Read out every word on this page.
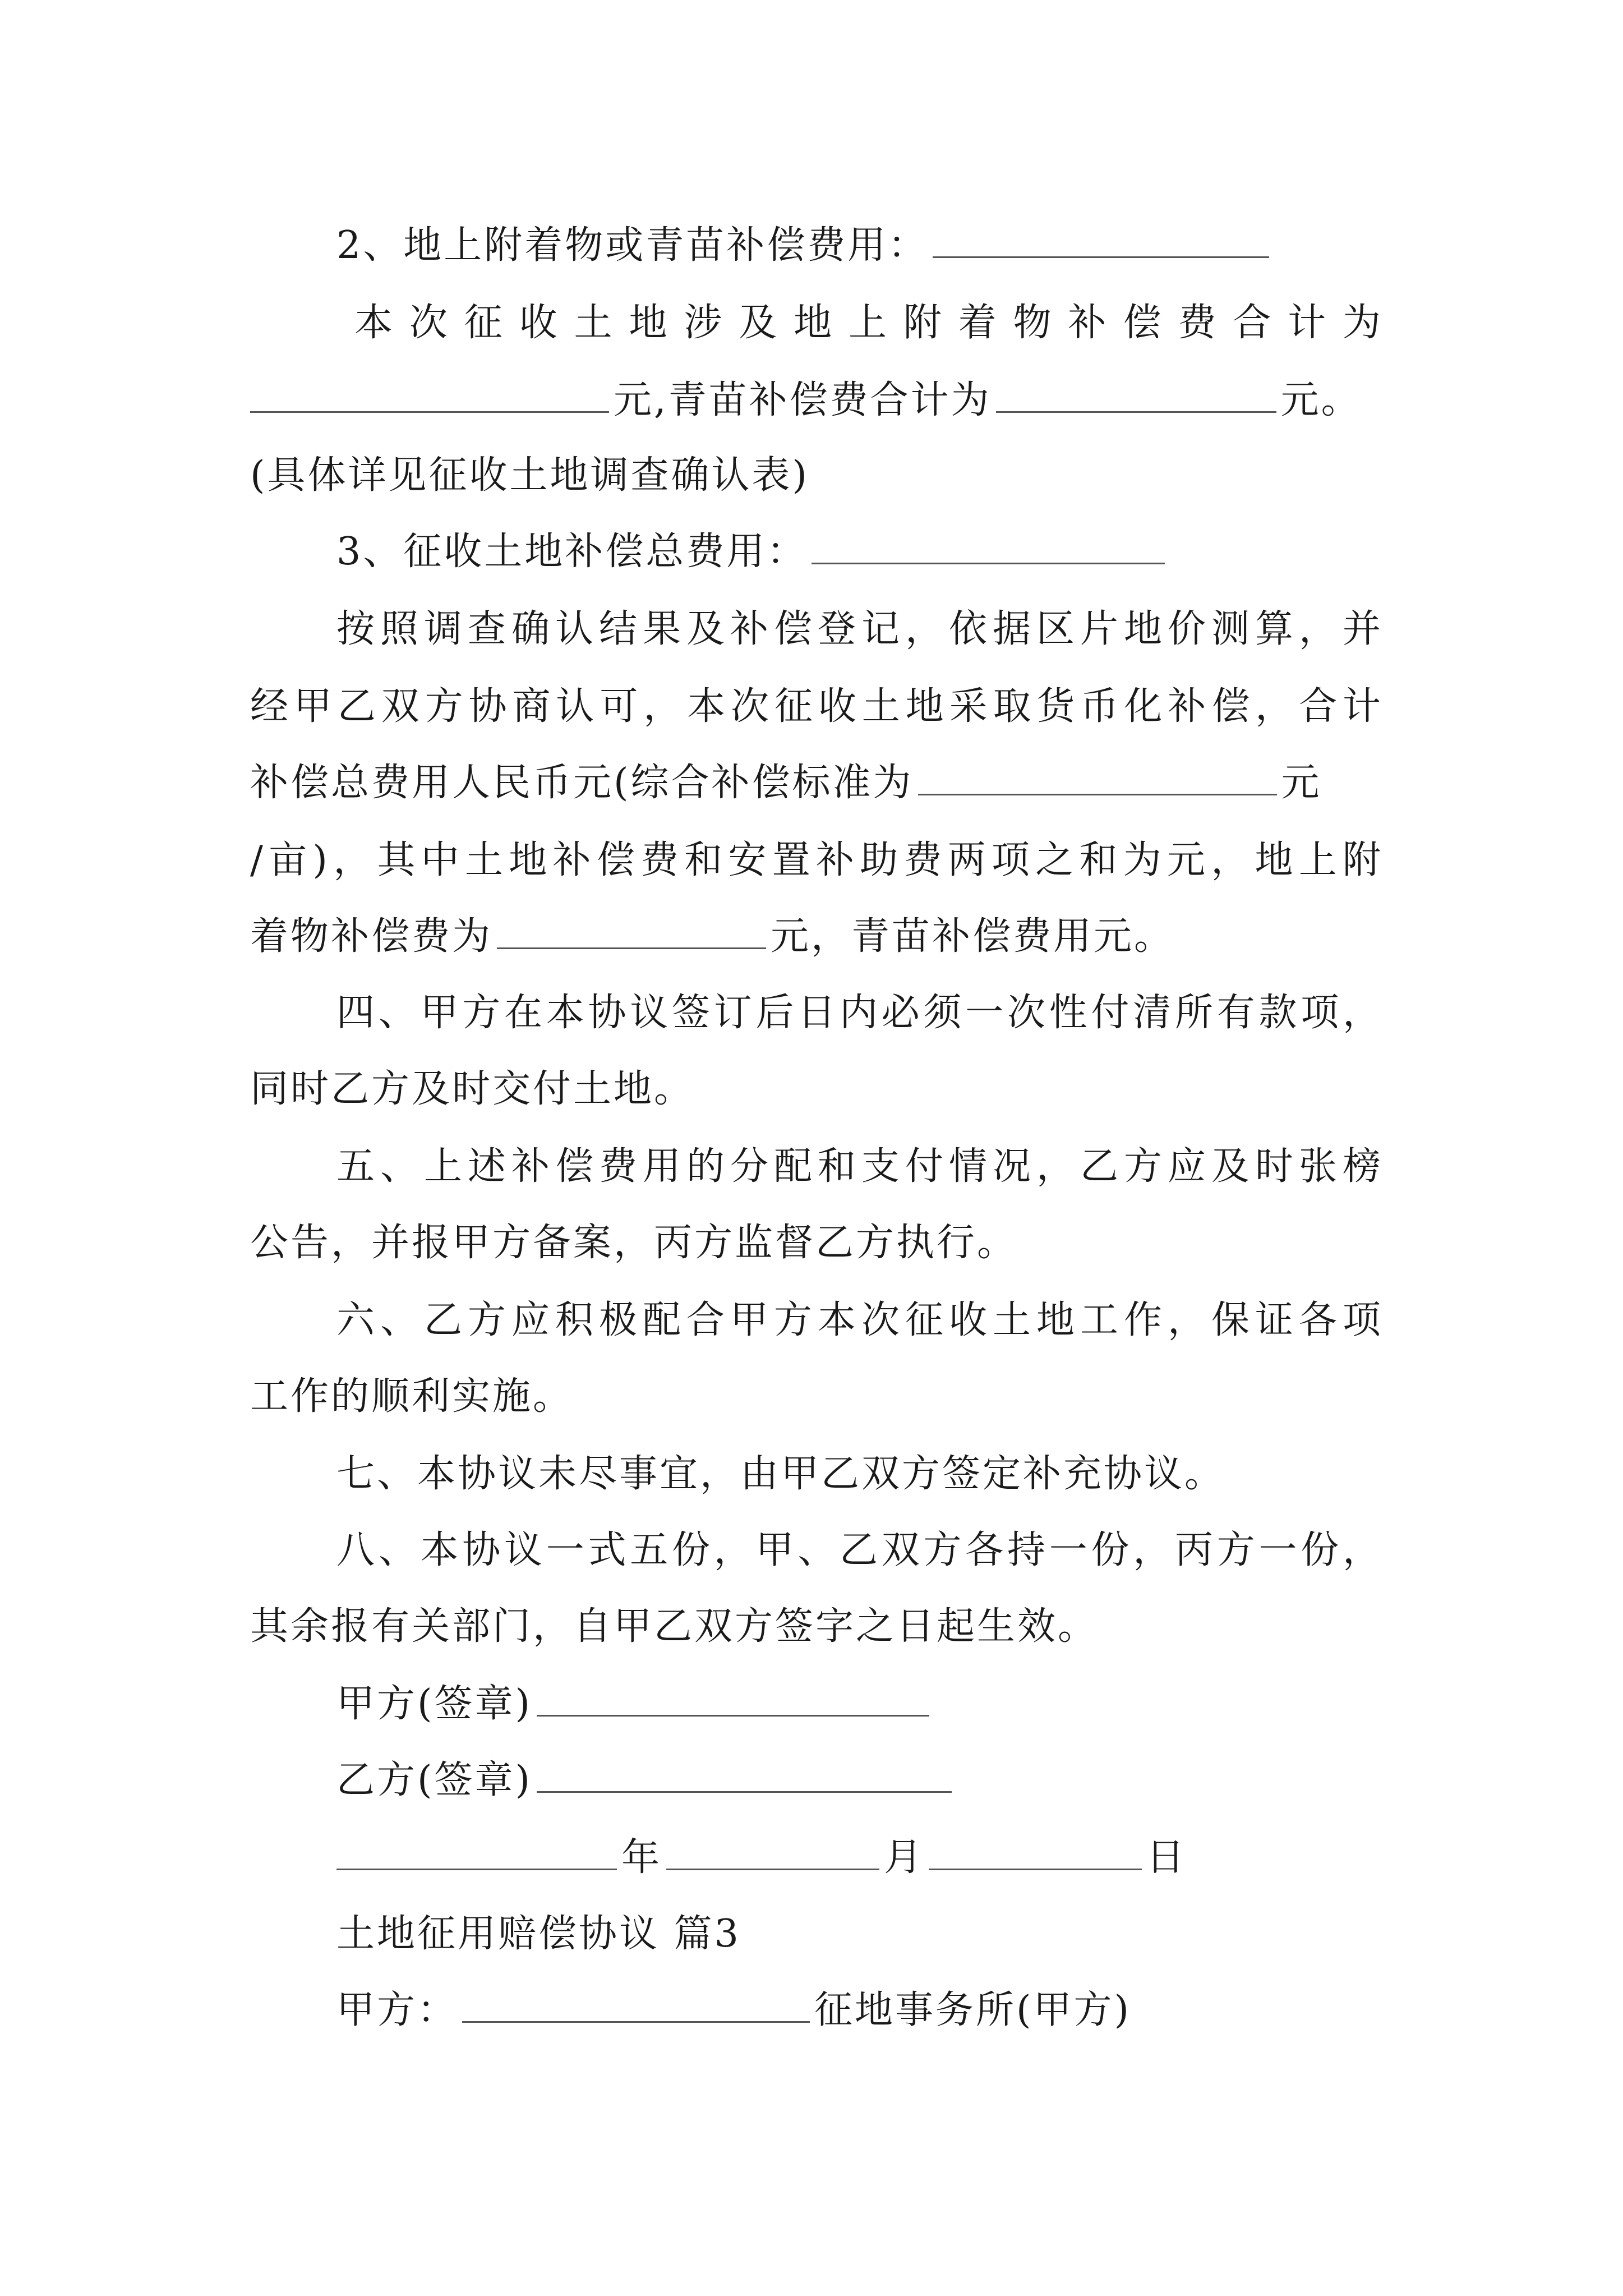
2、地上附着物或青苗补偿费用：
本次征收土地涉及地上附着物补偿费合计为
元,青苗补偿费合计为	元。
(具体详见征收土地调查确认表)
3、征收土地补偿总费用：
按照调查确认结果及补偿登记，依据区片地价测算，并
经甲乙双方协商认可，本次征收土地采取货币化补偿，合计
补偿总费用人民币元(综合补偿标准为	元
/亩)，其中土地补偿费和安置补助费两项之和为元，地上附
着物补偿费为	元，青苗补偿费用元。
四、甲方在本协议签订后日内必须一次性付清所有款项，
同时乙方及时交付土地。
五、上述补偿费用的分配和支付情况，乙方应及时张榜
公告，并报甲方备案，丙方监督乙方执行。
六、乙方应积极配合甲方本次征收土地工作，保证各项
工作的顺利实施。
七、本协议未尽事宜，由甲乙双方签定补充协议。
八、本协议一式五份，甲、乙双方各持一份，丙方一份，
其余报有关部门，自甲乙双方签字之日起生效。
甲方(签章)
乙方(签章)
年	月	日
土地征用赔偿协议 篇3
甲方：	征地事务所(甲方)
